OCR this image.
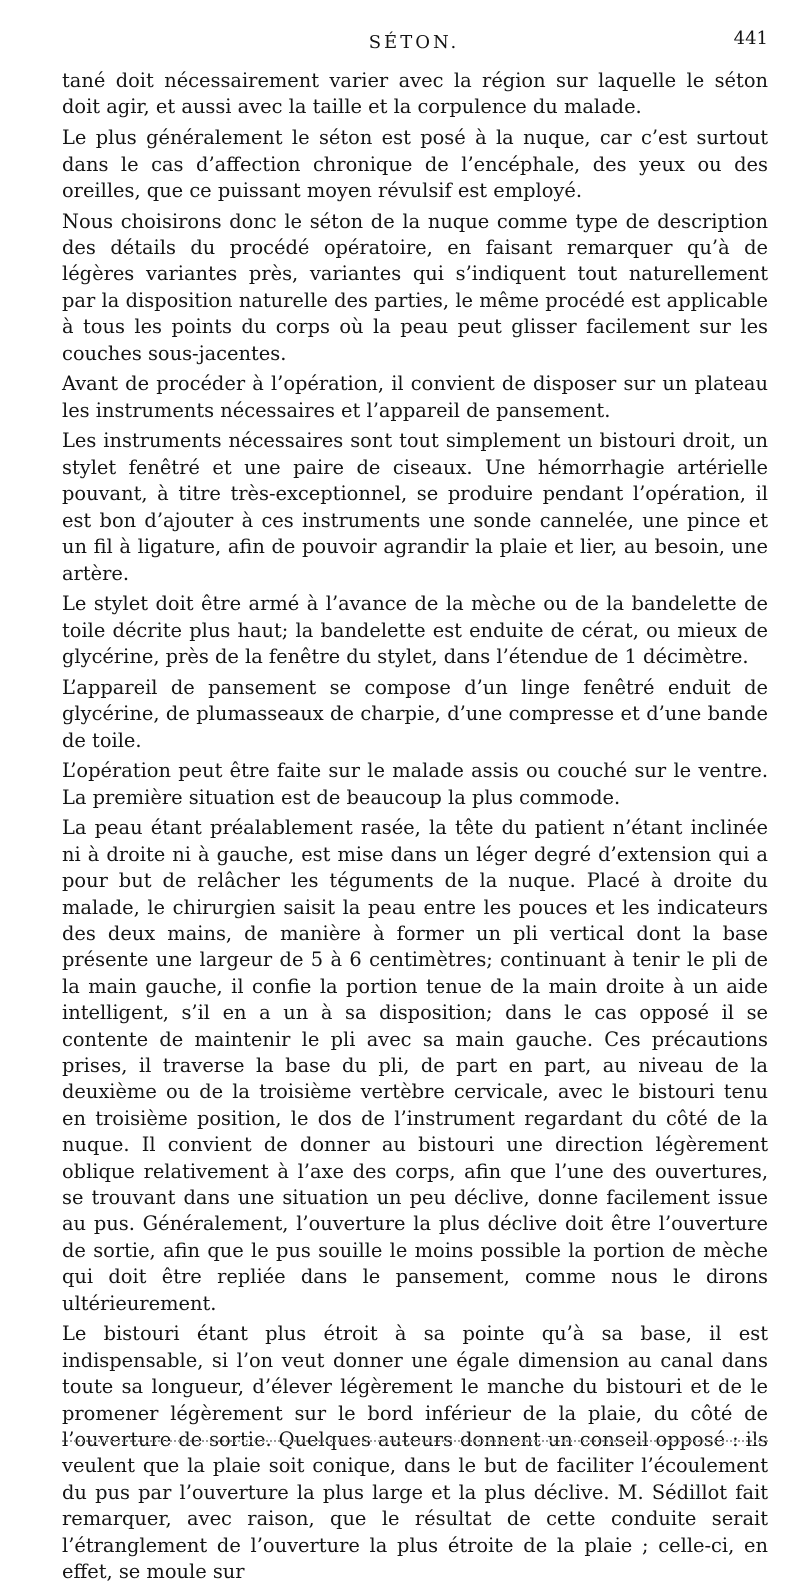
SÉTON.	441

tané doit nécessairement varier avec la région sur laquelle le séton doit agir, et aussi avec la taille et la corpulence du malade.

Le plus généralement le séton est posé à la nuque, car c’est surtout dans le cas d’affection chronique de l’encéphale, des yeux ou des oreilles, que ce puissant moyen révulsif est employé.

Nous choisirons donc le séton de la nuque comme type de description des détails du procédé opératoire, en faisant remarquer qu’à de légères variantes près, variantes qui s’indiquent tout naturellement par la disposition naturelle des parties, le même procédé est applicable à tous les points du corps où la peau peut glisser facilement sur les couches sous-jacentes.

Avant de procéder à l’opération, il convient de disposer sur un plateau les instruments nécessaires et l’appareil de pansement.

Les instruments nécessaires sont tout simplement un bistouri droit, un stylet fenêtré et une paire de ciseaux. Une hémorrhagie artérielle pouvant, à titre très-exceptionnel, se produire pendant l’opération, il est bon d’ajouter à ces instruments une sonde cannelée, une pince et un fil à ligature, afin de pouvoir agrandir la plaie et lier, au besoin, une artère.

Le stylet doit être armé à l’avance de la mèche ou de la bandelette de toile décrite plus haut; la bandelette est enduite de cérat, ou mieux de glycérine, près de la fenêtre du stylet, dans l’étendue de 1 décimètre.

L’appareil de pansement se compose d’un linge fenêtré enduit de glycérine, de plumasseaux de charpie, d’une compresse et d’une bande de toile.

L’opération peut être faite sur le malade assis ou couché sur le ventre. La première situation est de beaucoup la plus commode.

La peau étant préalablement rasée, la tête du patient n’étant inclinée ni à droite ni à gauche, est mise dans un léger degré d’extension qui a pour but de relâcher les téguments de la nuque. Placé à droite du malade, le chirurgien saisit la peau entre les pouces et les indicateurs des deux mains, de manière à former un pli vertical dont la base présente une largeur de 5 à 6 centimètres; continuant à tenir le pli de la main gauche, il confie la portion tenue de la main droite à un aide intelligent, s’il en a un à sa disposition; dans le cas opposé il se contente de maintenir le pli avec sa main gauche. Ces précautions prises, il traverse la base du pli, de part en part, au niveau de la deuxième ou de la troisième vertèbre cervicale, avec le bistouri tenu en troisième position, le dos de l’instrument regardant du côté de la nuque. Il convient de donner au bistouri une direction légèrement oblique relativement à l’axe des corps, afin que l’une des ouvertures, se trouvant dans une situation un peu déclive, donne facilement issue au pus. Généralement, l’ouverture la plus déclive doit être l’ouverture de sortie, afin que le pus souille le moins possible la portion de mèche qui doit être repliée dans le pansement, comme nous le dirons ultérieurement.

Le bistouri étant plus étroit à sa pointe qu’à sa base, il est indispensable, si l’on veut donner une égale dimension au canal dans toute sa longueur, d’élever légèrement le manche du bistouri et de le promener légèrement sur le bord inférieur de la plaie, du côté de l’ouverture de sortie. Quelques auteurs donnent un conseil opposé : ils veulent que la plaie soit conique, dans le but de faciliter l’écoulement du pus par l’ouverture la plus large et la plus déclive. M. Sédillot fait remarquer, avec raison, que le résultat de cette conduite serait l’étranglement de l’ouverture la plus étroite de la plaie ; celle-ci, en effet, se moule sur
